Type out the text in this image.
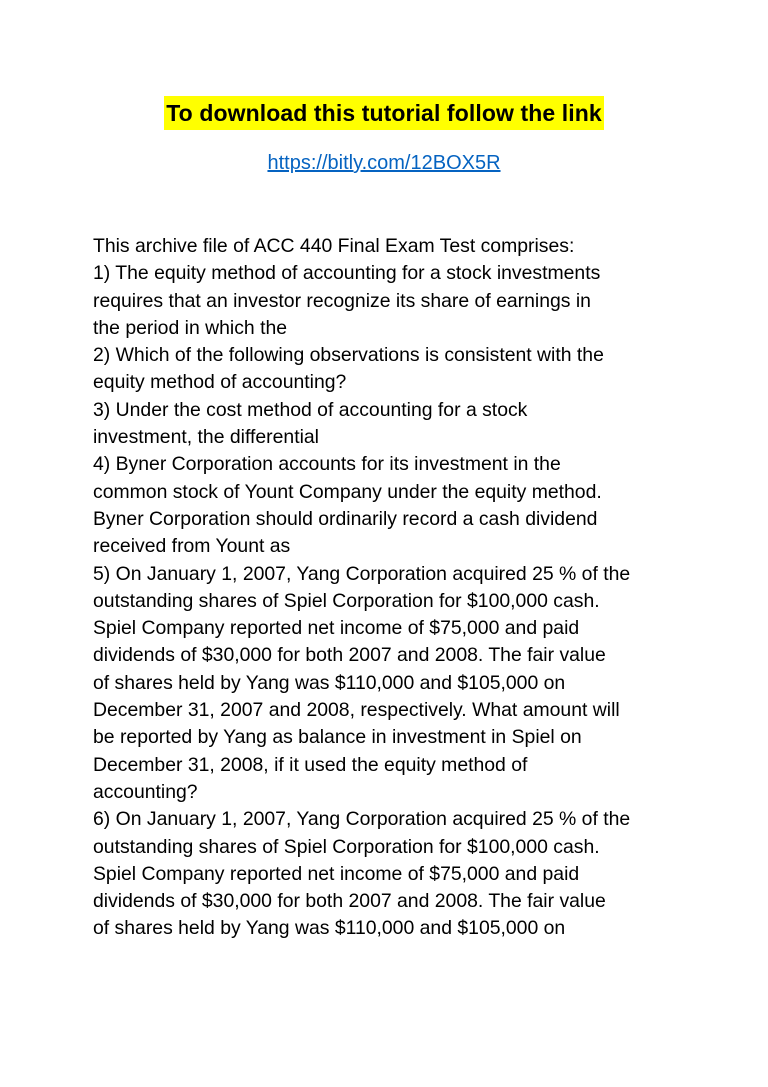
To download this tutorial follow the link
https://bitly.com/12BOX5R
This archive file of ACC 440 Final Exam Test comprises:
1) The equity method of accounting for a stock investments
requires that an investor recognize its share of earnings in
the period in which the
2) Which of the following observations is consistent with the
equity method of accounting?
3) Under the cost method of accounting for a stock
investment, the differential
4) Byner Corporation accounts for its investment in the
common stock of Yount Company under the equity method.
Byner Corporation should ordinarily record a cash dividend
received from Yount as
5) On January 1, 2007, Yang Corporation acquired 25 % of the
outstanding shares of Spiel Corporation for $100,000 cash.
Spiel Company reported net income of $75,000 and paid
dividends of $30,000 for both 2007 and 2008. The fair value
of shares held by Yang was $110,000 and $105,000 on
December 31, 2007 and 2008, respectively. What amount will
be reported by Yang as balance in investment in Spiel on
December 31, 2008, if it used the equity method of
accounting?
6) On January 1, 2007, Yang Corporation acquired 25 % of the
outstanding shares of Spiel Corporation for $100,000 cash.
Spiel Company reported net income of $75,000 and paid
dividends of $30,000 for both 2007 and 2008. The fair value
of shares held by Yang was $110,000 and $105,000 on
